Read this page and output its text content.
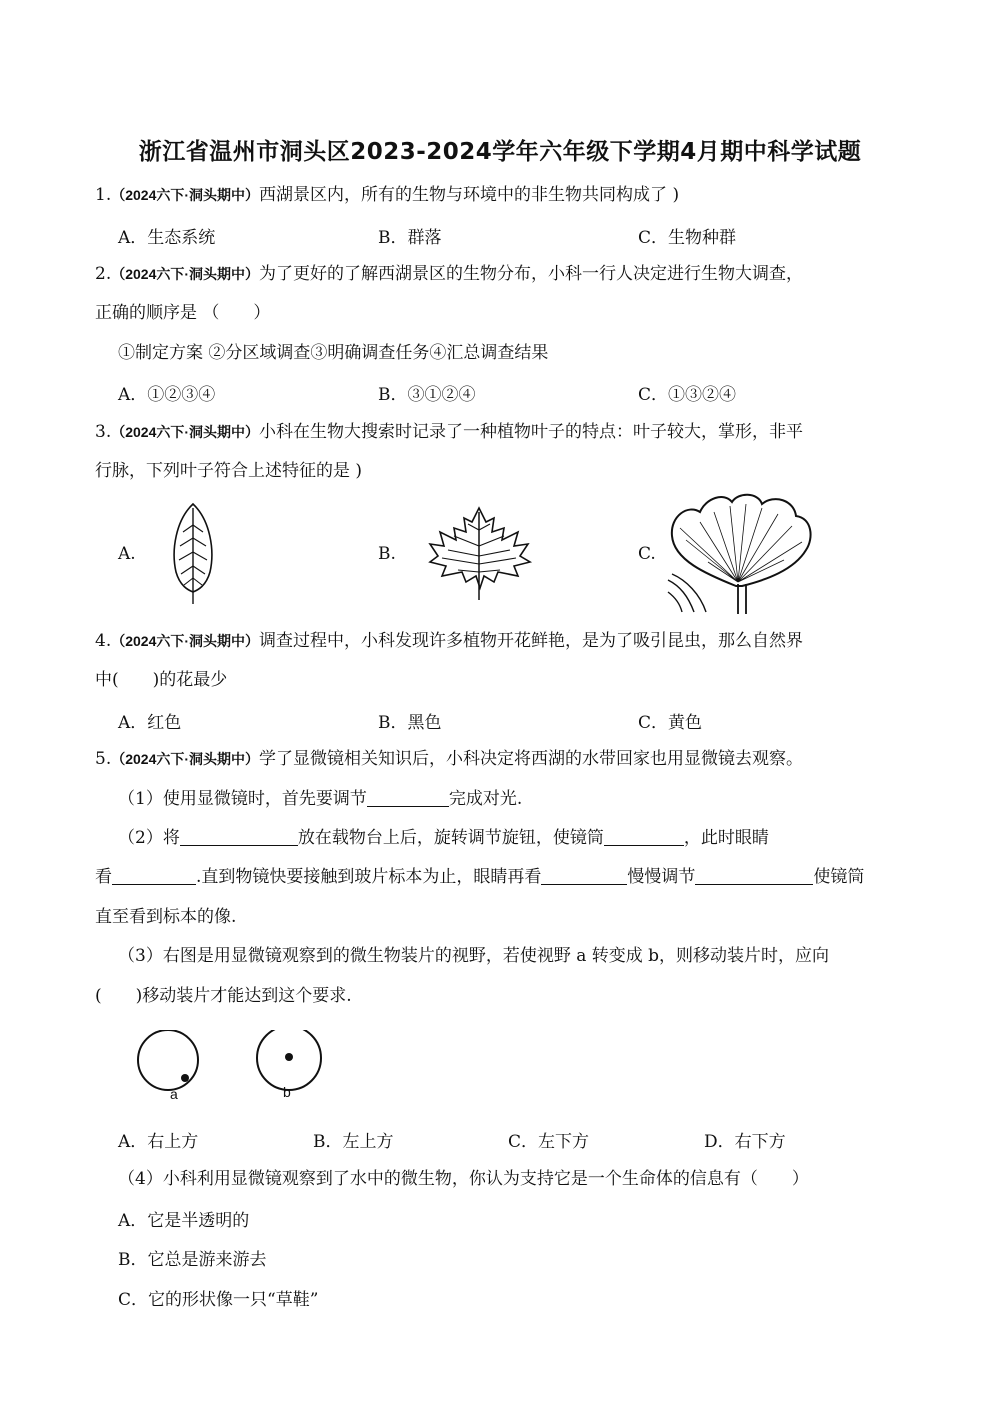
浙江省温州市洞头区2023-2024学年六年级下学期4月期中科学试题
1.（2024六下·洞头期中）西湖景区内，所有的生物与环境中的非生物共同构成了 )
A．生态系统	B．群落	C．生物种群
2.（2024六下·洞头期中）为了更好的了解西湖景区的生物分布，小科一行人决定进行生物大调查，
正确的顺序是 （　　）
①制定方案 ②分区域调查③明确调查任务④汇总调查结果
A．①②③④	B．③①②④	C．①③②④
3.（2024六下·洞头期中）小科在生物大搜索时记录了一种植物叶子的特点：叶子较大，掌形，非平
行脉，下列叶子符合上述特征的是 )
A.	B.	C.
4.（2024六下·洞头期中）调查过程中，小科发现许多植物开花鲜艳，是为了吸引昆虫，那么自然界
中(　　)的花最少
A．红色	B．黑色	C．黄色
5.（2024六下·洞头期中）学了显微镜相关知识后，小科决定将西湖的水带回家也用显微镜去观察。
（1）使用显微镜时，首先要调节	完成对光.
（2）将	放在载物台上后，旋转调节旋钮，使镜筒	，此时眼睛
看	.直到物镜快要接触到玻片标本为止，眼睛再看	慢慢调节	使镜筒
直至看到标本的像.
（3）右图是用显微镜观察到的微生物装片的视野，若使视野 a 转变成 b，则移动装片时，应向
(　　)移动装片才能达到这个要求.
a	b
A．右上方	B．左上方	C．左下方	D．右下方
（4）小科利用显微镜观察到了水中的微生物，你认为支持它是一个生命体的信息有（　　）
A．它是半透明的
B．它总是游来游去
C．它的形状像一只“草鞋”
